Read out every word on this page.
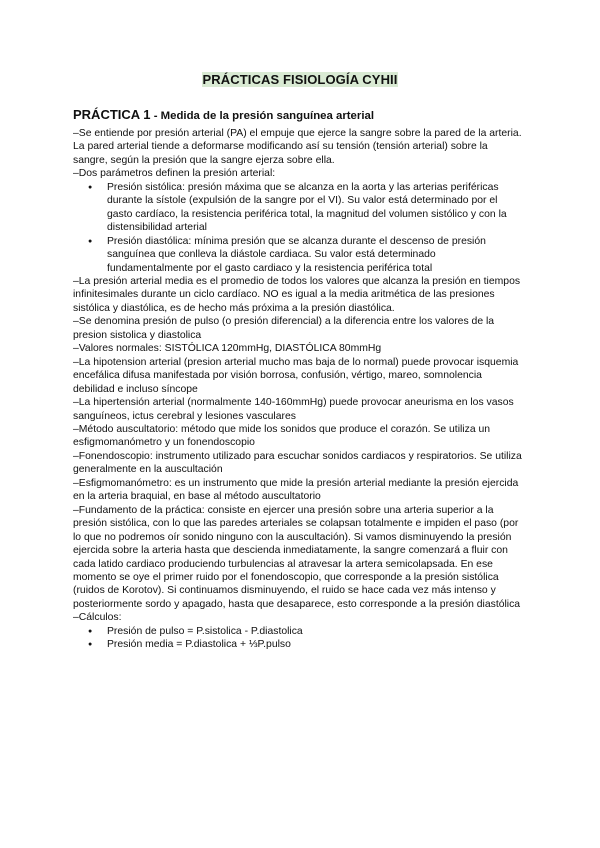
PRÁCTICAS FISIOLOGÍA CYHII
PRÁCTICA 1 - Medida de la presión sanguínea arterial

–Se entiende por presión arterial (PA) el empuje que ejerce la sangre sobre la pared de la arteria. La pared arterial tiende a deformarse modificando así su tensión (tensión arterial) sobre la sangre, según la presión que la sangre ejerza sobre ella.

–Dos parámetros definen la presión arterial:

● Presión sistólica: presión máxima que se alcanza en la aorta y las arterias periféricas durante la sístole (expulsión de la sangre por el VI). Su valor está determinado por el gasto cardíaco, la resistencia periférica total, la magnitud del volumen sistólico y con la distensibilidad arterial
● Presión diastólica: mínima presión que se alcanza durante el descenso de presión sanguínea que conlleva la diástole cardiaca. Su valor está determinado fundamentalmente por el gasto cardiaco y la resistencia periférica total

–La presión arterial media es el promedio de todos los valores que alcanza la presión en tiempos infinitesimales durante un ciclo cardíaco. NO es igual a la media aritmética de las presiones sistólica y diastólica, es de hecho más próxima a la presión diastólica.

–Se denomina presión de pulso (o presión diferencial) a la diferencia entre los valores de la presion sistolica y diastolica

–Valores normales: SISTÓLICA 120mmHg, DIASTÓLICA 80mmHg

–La hipotension arterial (presion arterial mucho mas baja de lo normal) puede provocar isquemia encefálica difusa manifestada por visión borrosa, confusión, vértigo, mareo, somnolencia debilidad e incluso síncope

–La hipertensión arterial (normalmente 140-160mmHg) puede provocar aneurisma en los vasos sanguíneos, ictus cerebral y lesiones vasculares

–Método auscultatorio: método que mide los sonidos que produce el corazón. Se utiliza un esfigmomanómetro y un fonendoscopio

–Fonendoscopio: instrumento utilizado para escuchar sonidos cardiacos y respiratorios. Se utiliza generalmente en la auscultación

–Esfigmomanómetro: es un instrumento que mide la presión arterial mediante la presión ejercida en la arteria braquial, en base al método auscultatorio

–Fundamento de la práctica: consiste en ejercer una presión sobre una arteria superior a la presión sistólica, con lo que las paredes arteriales se colapsan totalmente e impiden el paso (por lo que no podremos oír sonido ninguno con la auscultación). Si vamos disminuyendo la presión ejercida sobre la arteria hasta que descienda inmediatamente, la sangre comenzará a fluir con cada latido cardiaco produciendo turbulencias al atravesar la artera semicolapsada. En ese momento se oye el primer ruido por el fonendoscopio, que corresponde a la presión sistólica (ruidos de Korotov). Si continuamos disminuyendo, el ruido se hace cada vez más intenso y posteriormente sordo y apagado, hasta que desaparece, esto corresponde a la presión diastólica

–Cálculos:

● Presión de pulso = P.sistolica - P.diastolica
● Presión media = P.diastolica + ⅓P.pulso
